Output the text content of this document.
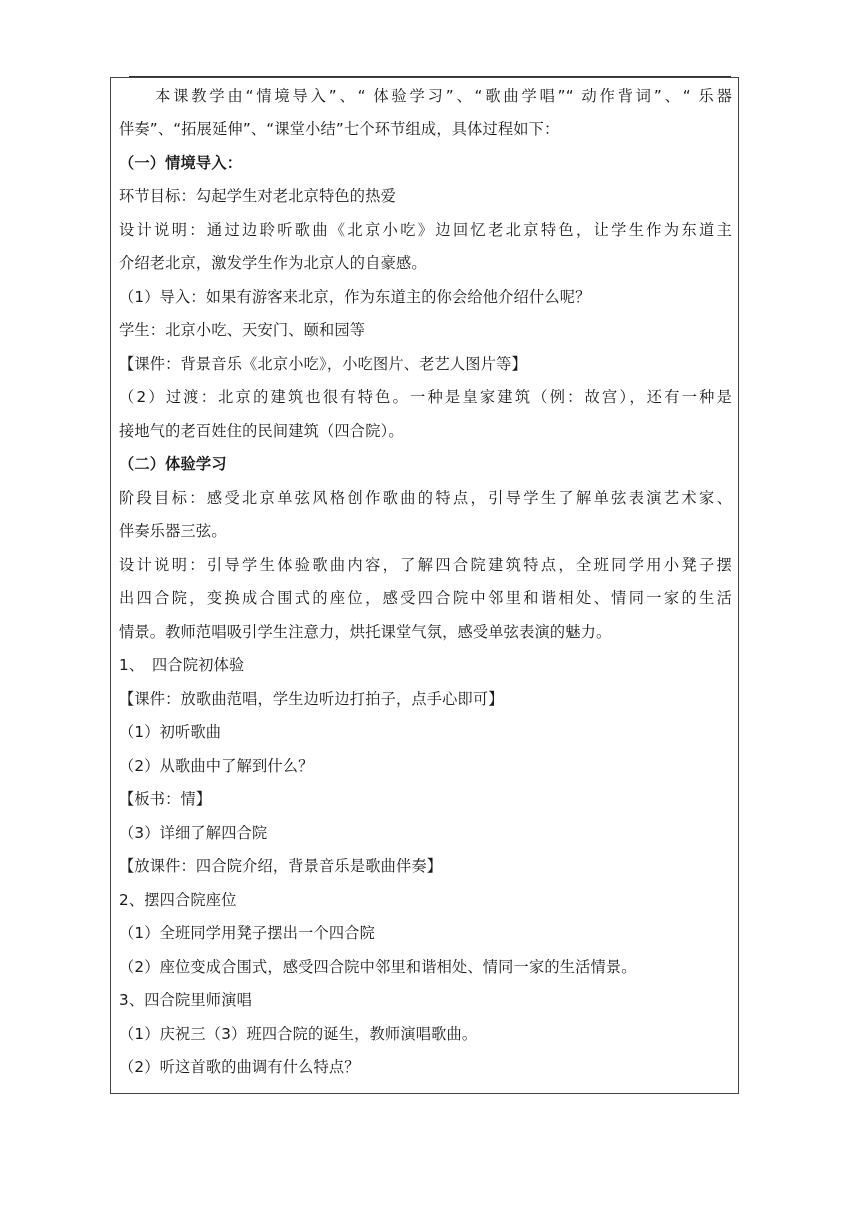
　　本课教学由“情境导入”、“ 体验学习”、“歌曲学唱”“ 动作背词”、“ 乐器
伴奏”、“拓展延伸”、“课堂小结”七个环节组成，具体过程如下：
（一）情境导入：
环节目标：勾起学生对老北京特色的热爱
设计说明：通过边聆听歌曲《北京小吃》边回忆老北京特色，让学生作为东道主
介绍老北京，激发学生作为北京人的自豪感。
（1）导入：如果有游客来北京，作为东道主的你会给他介绍什么呢？
学生：北京小吃、天安门、颐和园等
【课件：背景音乐《北京小吃》，小吃图片、老艺人图片等】
（2）过渡：北京的建筑也很有特色。一种是皇家建筑（例：故宫），还有一种是
接地气的老百姓住的民间建筑（四合院）。
（二）体验学习
阶段目标：感受北京单弦风格创作歌曲的特点，引导学生了解单弦表演艺术家、
伴奏乐器三弦。
设计说明：引导学生体验歌曲内容，了解四合院建筑特点，全班同学用小凳子摆
出四合院，变换成合围式的座位，感受四合院中邻里和谐相处、情同一家的生活
情景。教师范唱吸引学生注意力，烘托课堂气氛，感受单弦表演的魅力。
1、　四合院初体验
【课件：放歌曲范唱，学生边听边打拍子，点手心即可】
（1）初听歌曲
（2）从歌曲中了解到什么？
【板书：情】
（3）详细了解四合院
【放课件：四合院介绍，背景音乐是歌曲伴奏】
2、摆四合院座位
（1）全班同学用凳子摆出一个四合院
（2）座位变成合围式，感受四合院中邻里和谐相处、情同一家的生活情景。
3、四合院里师演唱
（1）庆祝三（3）班四合院的诞生，教师演唱歌曲。
（2）听这首歌的曲调有什么特点？
